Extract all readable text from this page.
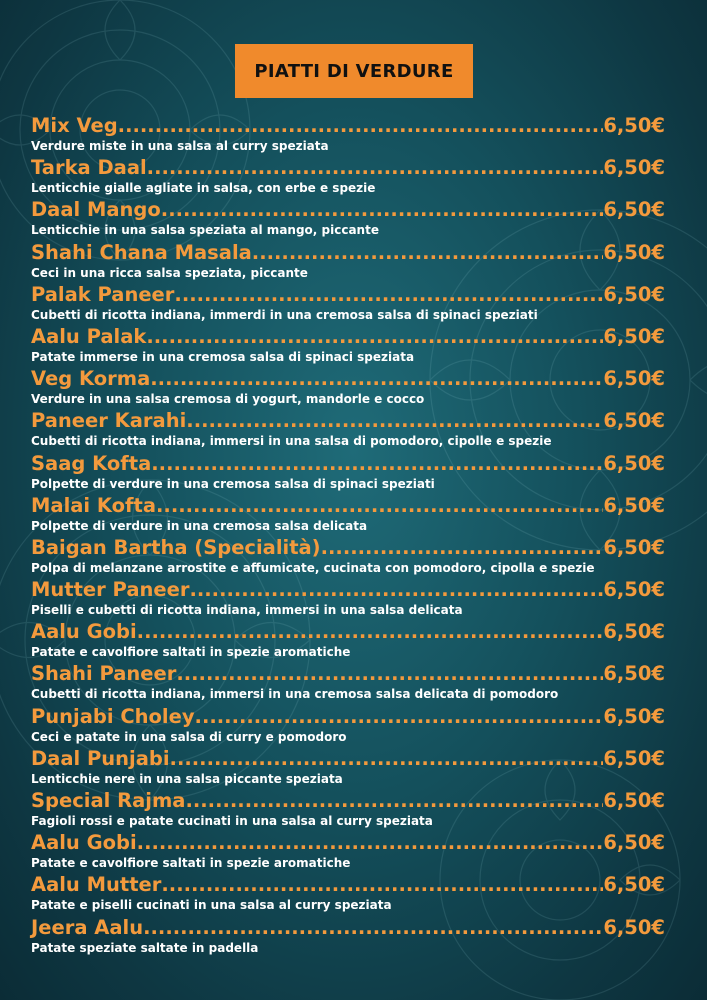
PIATTI DI VERDURE
Mix Veg .....	6,50€
Verdure miste in una salsa al curry speziata
Tarka Daal .....	6,50€
Lenticchie gialle agliate in salsa, con erbe e spezie
Daal Mango .....	6,50€
Lenticchie in una salsa speziata al mango, piccante
Shahi Chana Masala .....	6,50€
Ceci in una ricca salsa speziata, piccante
Palak Paneer .....	6,50€
Cubetti di ricotta indiana, immerdi in una cremosa salsa di spinaci speziati
Aalu Palak .....	6,50€
Patate immerse in una cremosa salsa di spinaci speziata
Veg Korma .....	6,50€
Verdure in una salsa cremosa di yogurt, mandorle e cocco
Paneer Karahi .....	6,50€
Cubetti di ricotta indiana, immersi in una salsa di pomodoro, cipolle e spezie
Saag Kofta .....	6,50€
Polpette di verdure in una cremosa salsa di spinaci speziati
Malai Kofta .....	6,50€
Polpette di verdure in una cremosa salsa delicata
Baigan Bartha (Specialità) .....	6,50€
Polpa di melanzane arrostite e affumicate, cucinata con pomodoro, cipolla e spezie
Mutter Paneer .....	6,50€
Piselli e cubetti di ricotta indiana, immersi in una salsa delicata
Aalu Gobi .....	6,50€
Patate e cavolfiore saltati in spezie aromatiche
Shahi Paneer .....	6,50€
Cubetti di ricotta indiana, immersi in una cremosa salsa delicata di pomodoro
Punjabi Choley .....	6,50€
Ceci e patate in una salsa di curry e pomodoro
Daal Punjabi .....	6,50€
Lenticchie nere in una salsa piccante speziata
Special Rajma .....	6,50€
Fagioli rossi e patate cucinati in una salsa al curry speziata
Aalu Gobi .....	6,50€
Patate e cavolfiore saltati in spezie aromatiche
Aalu Mutter .....	6,50€
Patate e piselli cucinati in una salsa al curry speziata
Jeera Aalu .....	6,50€
Patate speziate saltate in padella
